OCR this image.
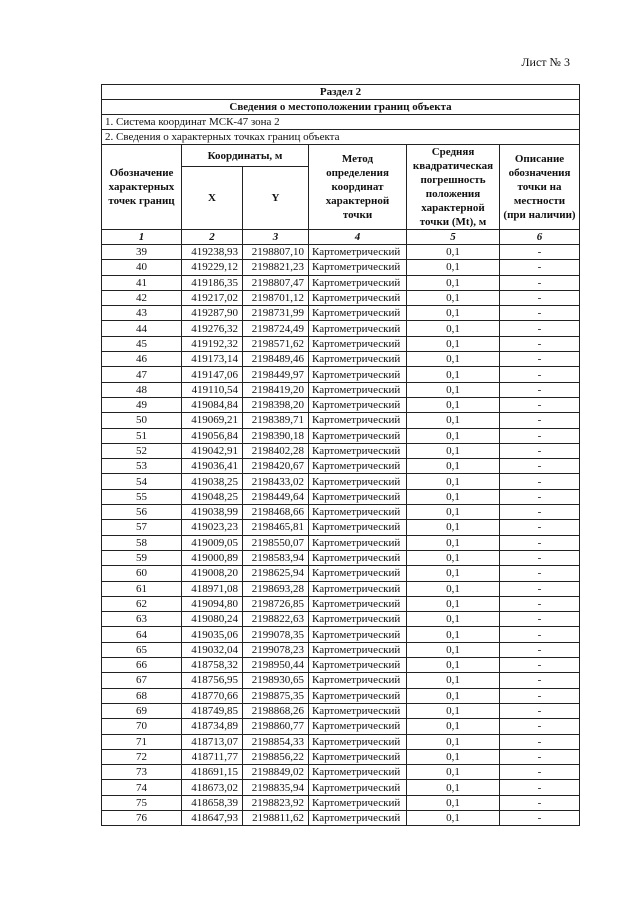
Лист № 3
Раздел 2					
Сведения о местоположении границ объекта					
1. Система координат МСК-47 зона 2					
2. Сведения о характерных точках границ объекта					
Обозначение характерных точек границ	Координаты, м		Метод определения координат характерной точки	Средняя квадратическая погрешность положения характерной точки (Mt), м	Описание обозначения точки на местности (при наличии)
	X	Y			
1	2	3	4	5	6
39	419238,93	2198807,10	Картометрический	0,1	-
40	419229,12	2198821,23	Картометрический	0,1	-
41	419186,35	2198807,47	Картометрический	0,1	-
42	419217,02	2198701,12	Картометрический	0,1	-
43	419287,90	2198731,99	Картометрический	0,1	-
44	419276,32	2198724,49	Картометрический	0,1	-
45	419192,32	2198571,62	Картометрический	0,1	-
46	419173,14	2198489,46	Картометрический	0,1	-
47	419147,06	2198449,97	Картометрический	0,1	-
48	419110,54	2198419,20	Картометрический	0,1	-
49	419084,84	2198398,20	Картометрический	0,1	-
50	419069,21	2198389,71	Картометрический	0,1	-
51	419056,84	2198390,18	Картометрический	0,1	-
52	419042,91	2198402,28	Картометрический	0,1	-
53	419036,41	2198420,67	Картометрический	0,1	-
54	419038,25	2198433,02	Картометрический	0,1	-
55	419048,25	2198449,64	Картометрический	0,1	-
56	419038,99	2198468,66	Картометрический	0,1	-
57	419023,23	2198465,81	Картометрический	0,1	-
58	419009,05	2198550,07	Картометрический	0,1	-
59	419000,89	2198583,94	Картометрический	0,1	-
60	419008,20	2198625,94	Картометрический	0,1	-
61	418971,08	2198693,28	Картометрический	0,1	-
62	419094,80	2198726,85	Картометрический	0,1	-
63	419080,24	2198822,63	Картометрический	0,1	-
64	419035,06	2199078,35	Картометрический	0,1	-
65	419032,04	2199078,23	Картометрический	0,1	-
66	418758,32	2198950,44	Картометрический	0,1	-
67	418756,95	2198930,65	Картометрический	0,1	-
68	418770,66	2198875,35	Картометрический	0,1	-
69	418749,85	2198868,26	Картометрический	0,1	-
70	418734,89	2198860,77	Картометрический	0,1	-
71	418713,07	2198854,33	Картометрический	0,1	-
72	418711,77	2198856,22	Картометрический	0,1	-
73	418691,15	2198849,02	Картометрический	0,1	-
74	418673,02	2198835,94	Картометрический	0,1	-
75	418658,39	2198823,92	Картометрический	0,1	-
76	418647,93	2198811,62	Картометрический	0,1	-
